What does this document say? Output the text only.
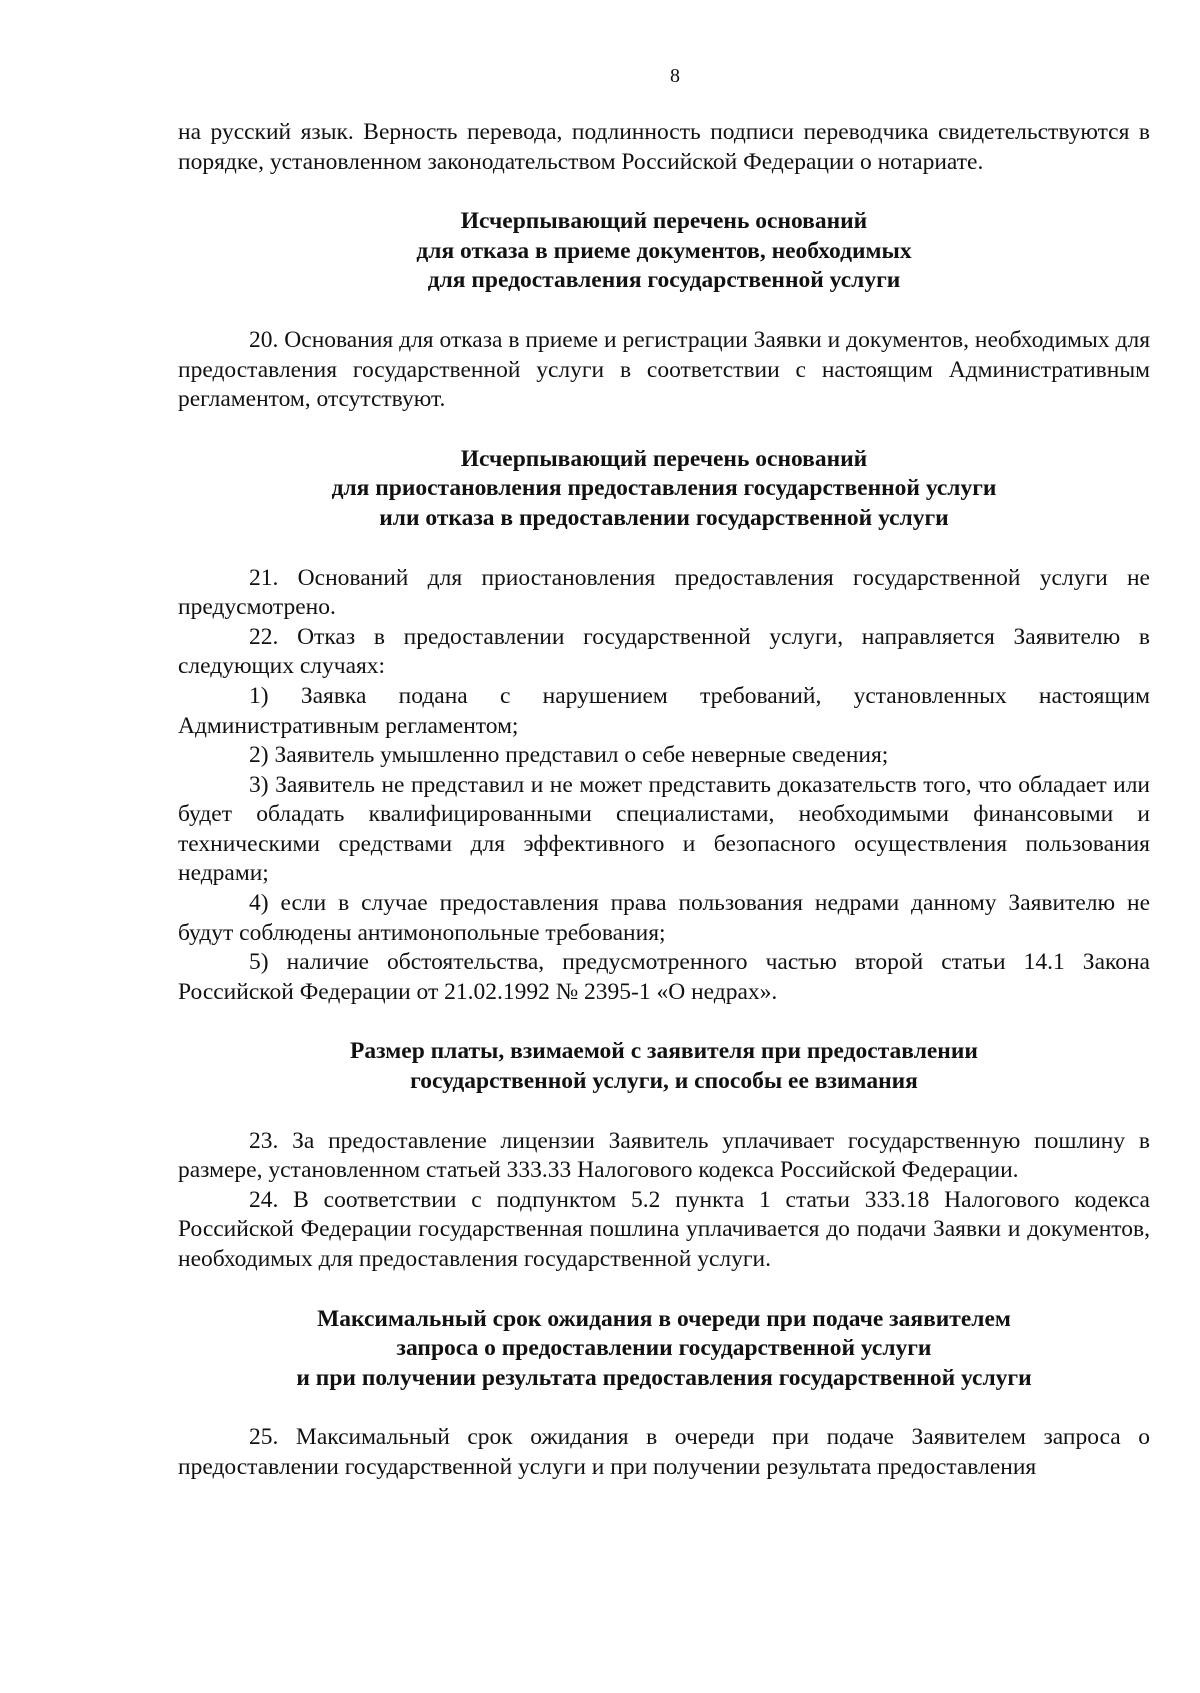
8

на русский язык. Верность перевода, подлинность подписи переводчика свидетельствуются в порядке, установленном законодательством Российской Федерации о нотариате.

Исчерпывающий перечень оснований
для отказа в приеме документов, необходимых
для предоставления государственной услуги

20. Основания для отказа в приеме и регистрации Заявки и документов, необходимых для предоставления государственной услуги в соответствии с настоящим Административным регламентом, отсутствуют.

Исчерпывающий перечень оснований
для приостановления предоставления государственной услуги
или отказа в предоставлении государственной услуги

21. Оснований для приостановления предоставления государственной услуги не предусмотрено.

22. Отказ в предоставлении государственной услуги, направляется Заявителю в следующих случаях:

1) Заявка подана с нарушением требований, установленных настоящим Административным регламентом;

2) Заявитель умышленно представил о себе неверные сведения;

3) Заявитель не представил и не может представить доказательств того, что обладает или будет обладать квалифицированными специалистами, необходимыми финансовыми и техническими средствами для эффективного и безопасного осуществления пользования недрами;

4) если в случае предоставления права пользования недрами данному Заявителю не будут соблюдены антимонопольные требования;

5) наличие обстоятельства, предусмотренного частью второй статьи 14.1 Закона Российской Федерации от 21.02.1992 № 2395-1 «О недрах».

Размер платы, взимаемой с заявителя при предоставлении
государственной услуги, и способы ее взимания

23. За предоставление лицензии Заявитель уплачивает государственную пошлину в размере, установленном статьей 333.33 Налогового кодекса Российской Федерации.

24. В соответствии с подпунктом 5.2 пункта 1 статьи 333.18 Налогового кодекса Российской Федерации государственная пошлина уплачивается до подачи Заявки и документов, необходимых для предоставления государственной услуги.

Максимальный срок ожидания в очереди при подаче заявителем
запроса о предоставлении государственной услуги
и при получении результата предоставления государственной услуги

25. Максимальный срок ожидания в очереди при подаче Заявителем запроса о предоставлении государственной услуги и при получении результата предоставления
